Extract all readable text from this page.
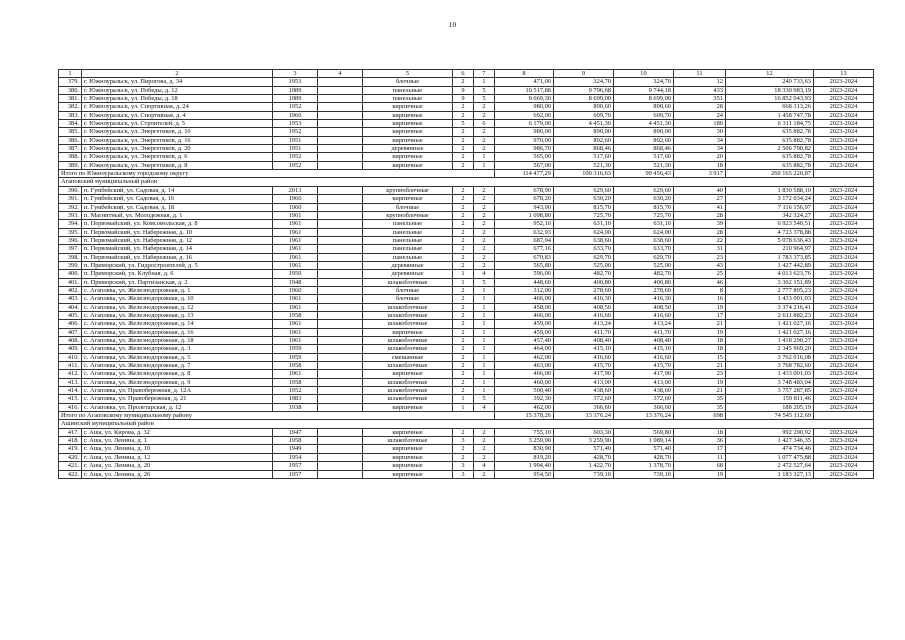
10
1	2	3	4	5	6	7	8	9	10	11	12	13
379.	г. Южноуральск, ул. Пирогова, д. 34	1953		блочные	2	1	471,00	324,70	324,70	12	240 733,63	2023-2024
380.	г. Южноуральск, ул. Победы, д. 12	1989		панельные	9	5	10 517,88	9 796,68	9 744,18	433	18 330 983,19	2023-2024
381.	г. Южноуральск, ул. Победы, д. 18	1989		панельные	9	5	9 669,30	8 699,00	8 699,00	351	16 852 043,93	2023-2024
382.	г. Южноуральск, ул. Спортивная, д. 24	1952		кирпичные	2	2	980,00	890,60	890,60	28	668 313,26	2023-2024
383.	г. Южноуральск, ул. Спортивная, д. 4	1960		кирпичные	2	2	692,00	609,70	609,70	24	1 458 747,78	2023-2024
384.	г. Южноуральск, ул. Строителей, д. 5	1953		кирпичные	5	6	6 179,00	4 451,30	4 451,30	180	6 311 184,75	2023-2024
385.	г. Южноуральск, ул. Энергетиков, д. 10	1952		кирпичные	2	2	980,00	890,00	890,00	30	635 882,78	2023-2024
386.	г. Южноуральск, ул. Энергетиков, д. 16	1951		кирпичные	2	2	970,00	892,60	892,60	34	635 882,78	2023-2024
387.	г. Южноуральск, ул. Энергетиков, д. 20	1951		деревянные	2	2	986,70	868,46	868,46	34	2 506 790,82	2023-2024
388.	г. Южноуральск, ул. Энергетиков, д. 6	1952		кирпичные	2	1	565,00	517,60	517,60	20	635 882,78	2023-2024
389.	г. Южноуральск, ул. Энергетиков, д. 8	1952		кирпичные	2	1	567,00	521,30	521,30	18	635 882,78	2023-2024
Итого по Южноуральскому городскому округу							114 477,29	100 316,63	99 456,43	3 917	260 165 220,87	
Агаповский муниципальный район												
390.	п. Гумбейский, ул. Садовая, д. 14	2013		крупноблочные	2	2	678,90	629,60	629,60	40	1 830 588,10	2023-2024
391.	п. Гумбейский, ул. Садовая, д. 16	1960		кирпичные	2	2	678,20	630,20	630,20	27	3 172 034,24	2023-2024
392.	п. Гумбейский, ул. Садовая, д. 18	1960		блочные	2	2	943,90	815,70	815,70	41	7 116 156,97	2023-2024
393.	п. Магнитный, ул. Молодежная, д. 1	1961		крупноблочные	2	2	1 098,80	725,70	725,70	28	342 324,27	2023-2024
394.	п. Первомайский, ул. Комсомольская, д. 8	1961		панельные	2	2	952,10	631,10	631,10	39	6 923 540,51	2023-2024
395.	п. Первомайский, ул. Набережная, д. 10	1961		панельные	2	2	632,93	624,00	624,00	28	4 723 378,88	2023-2024
396.	п. Первомайский, ул. Набережная, д. 12	1961		панельные	2	2	687,94	638,60	638,60	22	5 078 636,43	2023-2024
397.	п. Первомайский, ул. Набережная, д. 14	1961		панельные	2	2	677,16	633,70	633,70	31	210 964,97	2023-2024
398.	п. Первомайский, ул. Набережная, д. 16	1961		панельные	2	2	670,83	629,70	629,70	23	1 783 373,85	2023-2024
399.	п. Приморский, ул. Гидростроителей, д. 5	1961		деревянные	2	2	565,80	525,00	525,00	43	1 427 442,89	2023-2024
400.	п. Приморский, ул. Клубная, д. 6	1950		деревянные	1	4	596,00	482,70	482,70	25	4 013 623,76	2023-2024
401.	п. Приморский, ул. Партизанская, д. 2	1948		шлакоблочные	1	5	448,60	400,80	400,80	46	3 302 151,89	2023-2024
402.	с. Агаповка, ул. Железнодорожная, д. 1	1960		блочные	2	1	312,00	278,60	278,60	8	2 777 895,23	2023-2024
403.	с. Агаповка, ул. Железнодорожная, д. 10	1961		блочные	2	1	466,00	416,30	416,30	16	1 433 001,03	2023-2024
404.	с. Агаповка, ул. Железнодорожная, д. 12	1961		шлакоблочные	2	1	458,00	408,50	408,50	19	3 374 216,41	2023-2024
405.	с. Агаповка, ул. Железнодорожная, д. 13	1958		шлакоблочные	2	1	466,00	416,60	416,60	17	2 611 882,23	2023-2024
406.	с. Агаповка, ул. Железнодорожная, д. 14	1961		шлакоблочные	2	1	459,00	413,24	413,24	21	1 421 027,16	2023-2024
407.	с. Агаповка, ул. Железнодорожная, д. 16	1961		кирпичные	2	1	459,00	411,70	411,70	19	1 421 027,16	2023-2024
408.	с. Агаповка, ул. Железнодорожная, д. 18	1961		шлакоблочные	2	1	457,40	408,40	408,40	18	1 418 290,27	2023-2024
409.	с. Агаповка, ул. Железнодорожная, д. 3	1959		шлакоблочные	2	1	464,00	415,10	415,10	18	2 345 969,20	2023-2024
410.	с. Агаповка, ул. Железнодорожная, д. 5	1959		смешанные	2	1	462,00	416,60	416,60	15	3 762 016,08	2023-2024
411.	с. Агаповка, ул. Железнодорожная, д. 7	1958		шлакоблочные	2	1	463,00	415,70	415,70	21	3 768 782,60	2023-2024
412.	с. Агаповка, ул. Железнодорожная, д. 8	1961		кирпичные	2	1	466,00	417,90	417,90	23	1 433 001,03	2023-2024
413.	с. Агаповка, ул. Железнодорожная, д. 9	1958		шлакоблочные	2	1	460,00	413,00	413,00	19	3 748 483,04	2023-2024
414.	с. Агаповка, ул. Правобережная, д. 12А	1952		шлакоблочные	2	1	500,40	438,60	438,60	21	3 757 287,85	2023-2024
415.	с. Агаповка, ул. Правобережная, д. 21	1983		шлакоблочные	1	5	392,30	372,60	372,60	35	159 811,46	2023-2024
416.	с. Агаповка, ул. Пролетарская, д. 12	1938		кирпичные	1	4	462,00	366,60	366,60	35	188 205,19	2023-2024
Итого по Агаповскому муниципальному району							15 378,26	13 376,24	13 376,24	698	74 545 112,69	
Ашинский муниципальный район												
417.	г. Аша, ул. Кирова, д. 32	1947		кирпичные	2	2	755,10	603,30	569,80	18	992 290,92	2023-2024
418.	г. Аша, ул. Ленина, д. 1	1958		шлакоблочные	3	2	3 259,90	3 259,90	1 089,14	36	1 427 346,35	2023-2024
419.	г. Аша, ул. Ленина, д. 10	1949		кирпичные	2	2	830,90	571,40	571,40	17	474 734,46	2023-2024
420.	г. Аша, ул. Ленина, д. 12	1954		кирпичные	2	2	819,20	428,70	428,70	11	1 077 475,88	2023-2024
421.	г. Аша, ул. Ленина, д. 20	1957		кирпичные	3	4	1 994,40	1 422,70	1 378,70	68	2 472 527,64	2023-2024
422.	г. Аша, ул. Ленина, д. 26	1957		кирпичные	3	2	954,50	739,10	739,10	19	1 183 327,13	2023-2024
